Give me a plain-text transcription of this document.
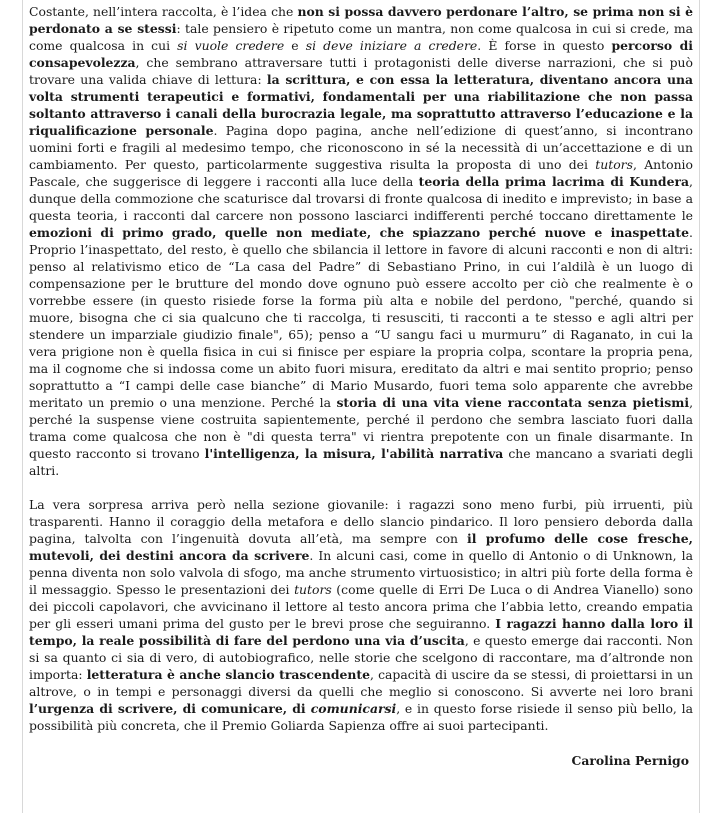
Costante, nell’intera raccolta, è l’idea che non si possa davvero perdonare l’altro, se prima non si è perdonato a se stessi: tale pensiero è ripetuto come un mantra, non come qualcosa in cui si crede, ma come qualcosa in cui si vuole credere e si deve iniziare a credere. È forse in questo percorso di consapevolezza, che sembrano attraversare tutti i protagonisti delle diverse narrazioni, che si può trovare una valida chiave di lettura: la scrittura, e con essa la letteratura, diventano ancora una volta strumenti terapeutici e formativi, fondamentali per una riabilitazione che non passa soltanto attraverso i canali della burocrazia legale, ma soprattutto attraverso l’educazione e la riqualificazione personale. Pagina dopo pagina, anche nell’edizione di quest’anno, si incontrano uomini forti e fragili al medesimo tempo, che riconoscono in sé la necessità di un’accettazione e di un cambiamento. Per questo, particolarmente suggestiva risulta la proposta di uno dei tutors, Antonio Pascale, che suggerisce di leggere i racconti alla luce della teoria della prima lacrima di Kundera, dunque della commozione che scaturisce dal trovarsi di fronte qualcosa di inedito e imprevisto; in base a questa teoria, i racconti dal carcere non possono lasciarci indifferenti perché toccano direttamente le emozioni di primo grado, quelle non mediate, che spiazzano perché nuove e inaspettate. Proprio l’inaspettato, del resto, è quello che sbilancia il lettore in favore di alcuni racconti e non di altri: penso al relativismo etico de “La casa del Padre” di Sebastiano Prino, in cui l’aldilà è un luogo di compensazione per le brutture del mondo dove ognuno può essere accolto per ciò che realmente è o vorrebbe essere (in questo risiede forse la forma più alta e nobile del perdono, "perché, quando si muore, bisogna che ci sia qualcuno che ti raccolga, ti resusciti, ti racconti a te stesso e agli altri per stendere un imparziale giudizio finale", 65); penso a “U sangu faci u murmuru” di Raganato, in cui la vera prigione non è quella fisica in cui si finisce per espiare la propria colpa, scontare la propria pena, ma il cognome che si indossa come un abito fuori misura, ereditato da altri e mai sentito proprio; penso soprattutto a “I campi delle case bianche” di Mario Musardo, fuori tema solo apparente che avrebbe meritato un premio o una menzione. Perché la storia di una vita viene raccontata senza pietismi, perché la suspense viene costruita sapientemente, perché il perdono che sembra lasciato fuori dalla trama come qualcosa che non è "di questa terra" vi rientra prepotente con un finale disarmante. In questo racconto si trovano l'intelligenza, la misura, l'abilità narrativa che mancano a svariati degli altri.

La vera sorpresa arriva però nella sezione giovanile: i ragazzi sono meno furbi, più irruenti, più trasparenti. Hanno il coraggio della metafora e dello slancio pindarico. Il loro pensiero deborda dalla pagina, talvolta con l’ingenuità dovuta all’età, ma sempre con il profumo delle cose fresche, mutevoli, dei destini ancora da scrivere. In alcuni casi, come in quello di Antonio o di Unknown, la penna diventa non solo valvola di sfogo, ma anche strumento virtuosistico; in altri più forte della forma è il messaggio. Spesso le presentazioni dei tutors (come quelle di Erri De Luca o di Andrea Vianello) sono dei piccoli capolavori, che avvicinano il lettore al testo ancora prima che l’abbia letto, creando empatia per gli esseri umani prima del gusto per le brevi prose che seguiranno. I ragazzi hanno dalla loro il tempo, la reale possibilità di fare del perdono una via d’uscita, e questo emerge dai racconti. Non si sa quanto ci sia di vero, di autobiografico, nelle storie che scelgono di raccontare, ma d’altronde non importa: letteratura è anche slancio trascendente, capacità di uscire da se stessi, di proiettarsi in un altrove, o in tempi e personaggi diversi da quelli che meglio si conoscono. Si avverte nei loro brani l’urgenza di scrivere, di comunicare, di comunicarsi, e in questo forse risiede il senso più bello, la possibilità più concreta, che il Premio Goliarda Sapienza offre ai suoi partecipanti.

Carolina Pernigo
